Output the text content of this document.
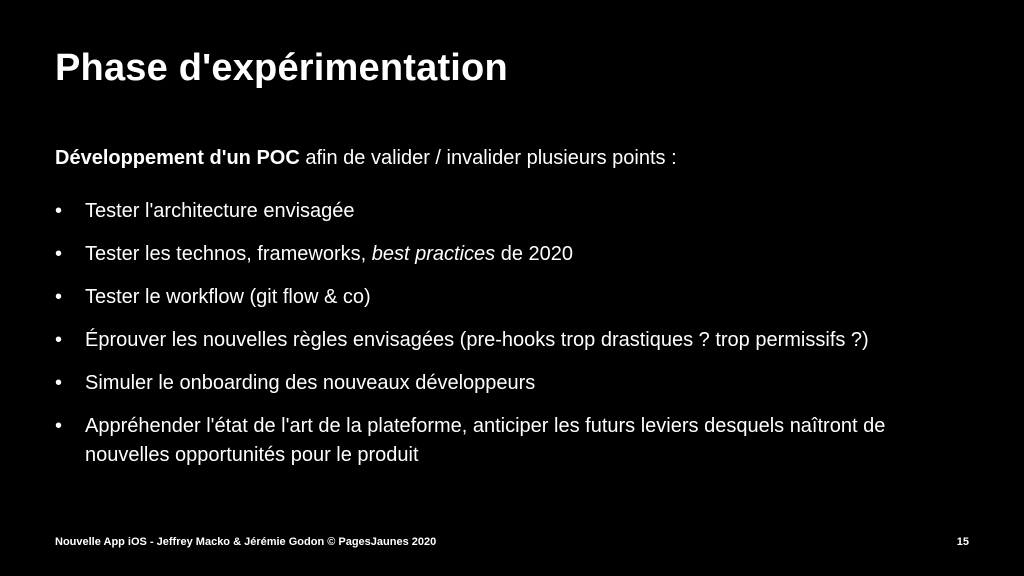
Phase d'expérimentation

Développement d'un POC afin de valider / invalider plusieurs points :

• Tester l'architecture envisagée
• Tester les technos, frameworks, best practices de 2020
• Tester le workflow (git flow & co)
• Éprouver les nouvelles règles envisagées (pre-hooks trop drastiques ? trop permissifs ?)
• Simuler le onboarding des nouveaux développeurs
• Appréhender l'état de l'art de la plateforme, anticiper les futurs leviers desquels naîtront de nouvelles opportunités pour le produit
Nouvelle App iOS - Jeffrey Macko & Jérémie Godon © PagesJaunes 2020	15
